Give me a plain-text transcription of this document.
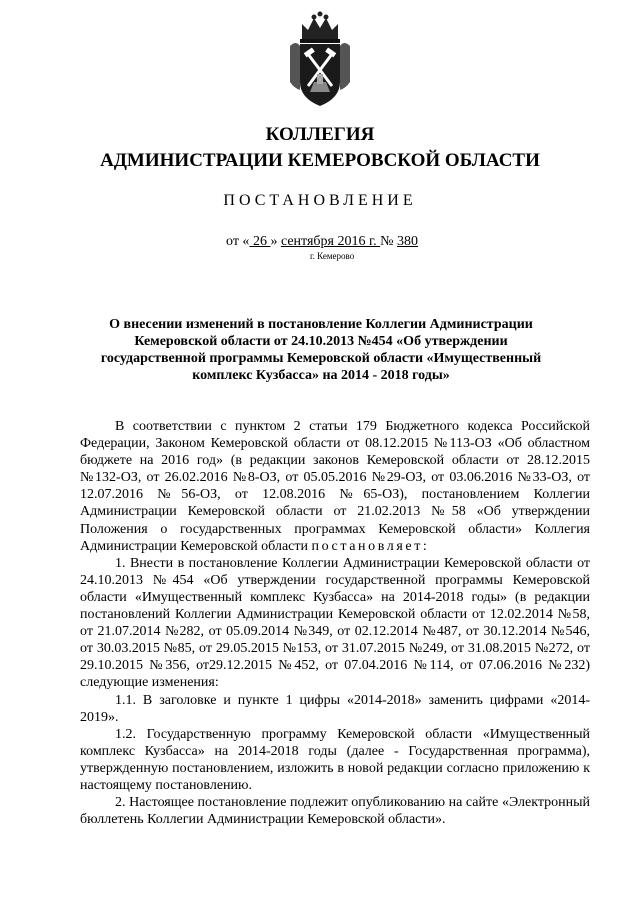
КОЛЛЕГИЯ
АДМИНИСТРАЦИИ КЕМЕРОВСКОЙ ОБЛАСТИ
ПОСТАНОВЛЕНИЕ
от « 26 » сентября 2016 г. № 380
г. Кемерово
О внесении изменений в постановление Коллегии Администрации Кемеровской области от 24.10.2013 №454 «Об утверждении государственной программы Кемеровской области «Имущественный комплекс Кузбасса» на 2014 - 2018 годы»

В соответствии с пунктом 2 статьи 179 Бюджетного кодекса Российской Федерации, Законом Кемеровской области от 08.12.2015 №113-ОЗ «Об областном бюджете на 2016 год» (в редакции законов Кемеровской области от 28.12.2015 №132-ОЗ, от 26.02.2016 №8-ОЗ, от 05.05.2016 №29-ОЗ, от 03.06.2016 №33-ОЗ, от 12.07.2016 №56-ОЗ, от 12.08.2016 №65-ОЗ), постановлением Коллегии Администрации Кемеровской области от 21.02.2013 №58 «Об утверждении Положения о государственных программах Кемеровской области» Коллегия Администрации Кемеровской области постановляет:

1. Внести в постановление Коллегии Администрации Кемеровской области от 24.10.2013 №454 «Об утверждении государственной программы Кемеровской области «Имущественный комплекс Кузбасса» на 2014-2018 годы» (в редакции постановлений Коллегии Администрации Кемеровской области от 12.02.2014 №58, от 21.07.2014 №282, от 05.09.2014 №349, от 02.12.2014 №487, от 30.12.2014 №546, от 30.03.2015 №85, от 29.05.2015 №153, от 31.07.2015 №249, от 31.08.2015 №272, от 29.10.2015 №356, от29.12.2015 №452, от 07.04.2016 №114, от 07.06.2016 №232) следующие изменения:

1.1. В заголовке и пункте 1 цифры «2014-2018» заменить цифрами «2014-2019».

1.2. Государственную программу Кемеровской области «Имущественный комплекс Кузбасса» на 2014-2018 годы (далее - Государственная программа), утвержденную постановлением, изложить в новой редакции согласно приложению к настоящему постановлению.

2. Настоящее постановление подлежит опубликованию на сайте «Электронный бюллетень Коллегии Администрации Кемеровской области».
